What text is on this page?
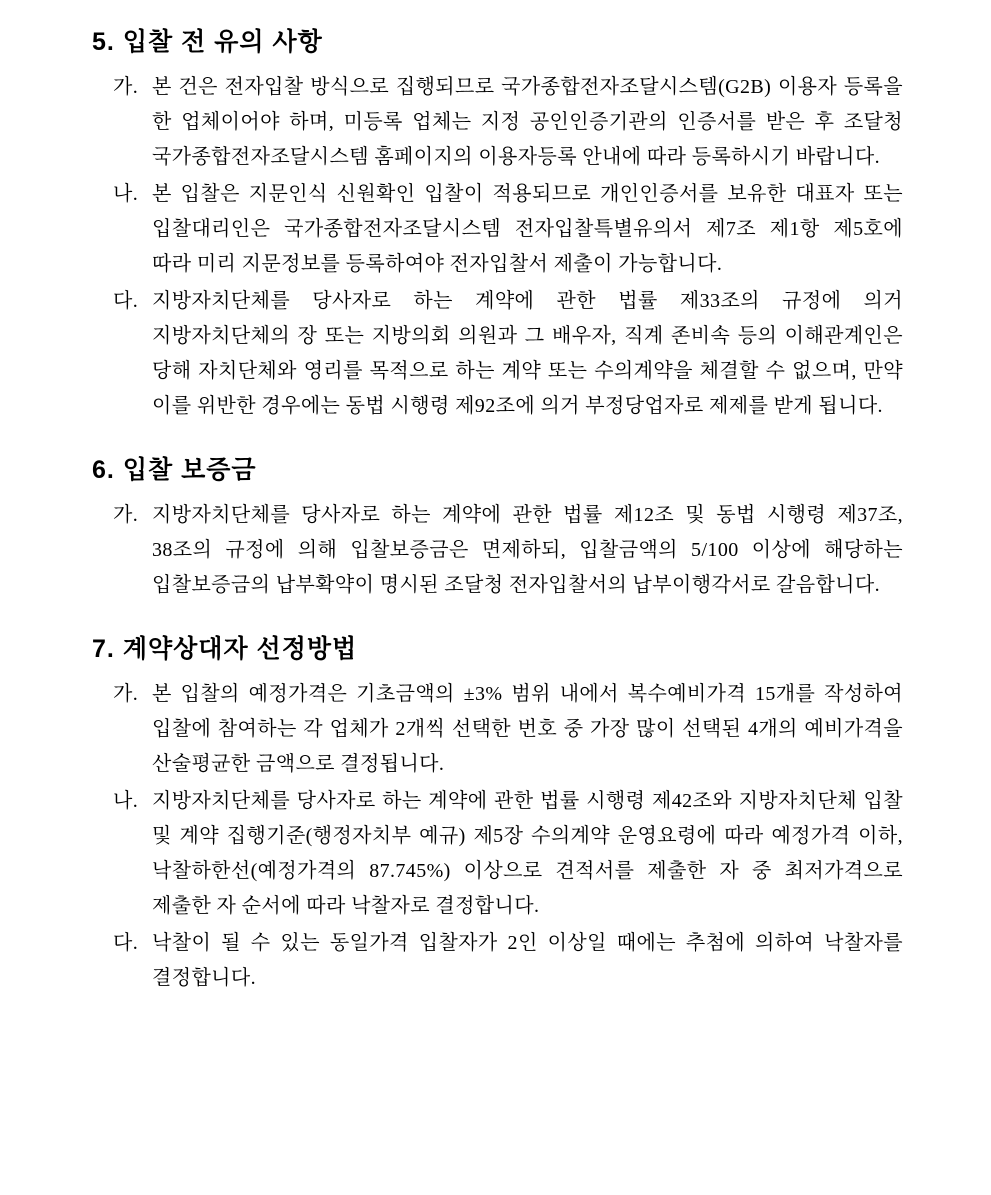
5. 입찰 전 유의 사항

가. 본 건은 전자입찰 방식으로 집행되므로 국가종합전자조달시스템(G2B) 이용자 등록을 한 업체이어야 하며, 미등록 업체는 지정 공인인증기관의 인증서를 받은 후 조달청 국가종합전자조달시스템 홈페이지의 이용자등록 안내에 따라 등록하시기 바랍니다.

나. 본 입찰은 지문인식 신원확인 입찰이 적용되므로 개인인증서를 보유한 대표자 또는 입찰대리인은 국가종합전자조달시스템 전자입찰특별유의서 제7조 제1항 제5호에 따라 미리 지문정보를 등록하여야 전자입찰서 제출이 가능합니다.

다. 지방자치단체를 당사자로 하는 계약에 관한 법률 제33조의 규정에 의거 지방자치단체의 장 또는 지방의회 의원과 그 배우자, 직계 존비속 등의 이해관계인은 당해 자치단체와 영리를 목적으로 하는 계약 또는 수의계약을 체결할 수 없으며, 만약 이를 위반한 경우에는 동법 시행령 제92조에 의거 부정당업자로 제제를 받게 됩니다.

6. 입찰 보증금

가. 지방자치단체를 당사자로 하는 계약에 관한 법률 제12조 및 동법 시행령 제37조, 38조의 규정에 의해 입찰보증금은 면제하되, 입찰금액의 5/100 이상에 해당하는 입찰보증금의 납부확약이 명시된 조달청 전자입찰서의 납부이행각서로 갈음합니다.

7. 계약상대자 선정방법

가. 본 입찰의 예정가격은 기초금액의 ±3% 범위 내에서 복수예비가격 15개를 작성하여 입찰에 참여하는 각 업체가 2개씩 선택한 번호 중 가장 많이 선택된 4개의 예비가격을 산술평균한 금액으로 결정됩니다.

나. 지방자치단체를 당사자로 하는 계약에 관한 법률 시행령 제42조와 지방자치단체 입찰 및 계약 집행기준(행정자치부 예규) 제5장 수의계약 운영요령에 따라 예정가격 이하, 낙찰하한선(예정가격의 87.745%) 이상으로 견적서를 제출한 자 중 최저가격으로 제출한 자 순서에 따라 낙찰자로 결정합니다.

다. 낙찰이 될 수 있는 동일가격 입찰자가 2인 이상일 때에는 추첨에 의하여 낙찰자를 결정합니다.
